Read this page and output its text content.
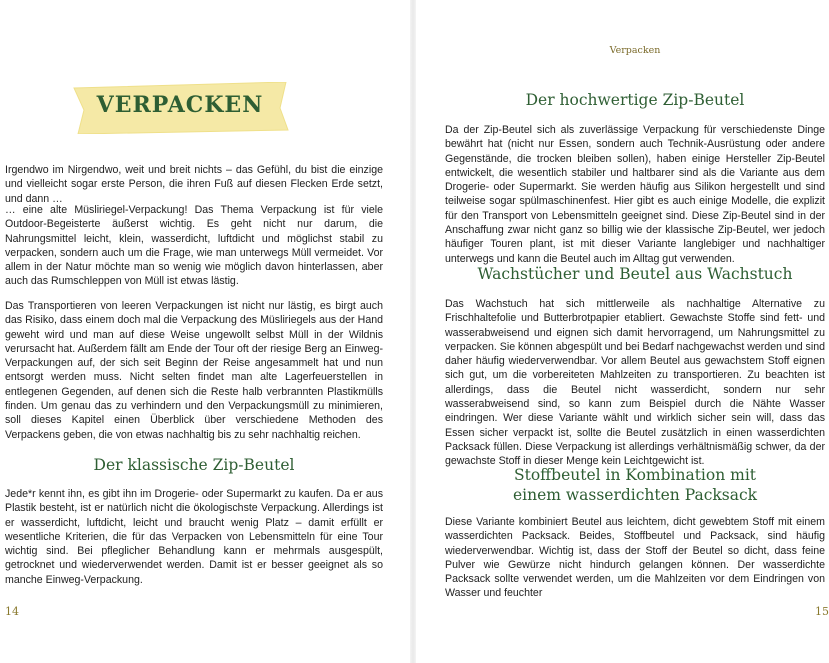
VERPACKEN

Irgendwo im Nirgendwo, weit und breit nichts – das Gefühl, du bist die einzige und vielleicht sogar erste Person, die ihren Fuß auf diesen Flecken Erde setzt, und dann …

… eine alte Müsliriegel-Verpackung! Das Thema Verpackung ist für viele Outdoor-Begeisterte äußerst wichtig. Es geht nicht nur darum, die Nahrungsmittel leicht, klein, wasserdicht, luftdicht und möglichst stabil zu verpacken, sondern auch um die Frage, wie man unterwegs Müll vermeidet. Vor allem in der Natur möchte man so wenig wie möglich davon hinterlassen, aber auch das Rumschleppen von Müll ist etwas lästig.

Das Transportieren von leeren Verpackungen ist nicht nur lästig, es birgt auch das Risiko, dass einem doch mal die Verpackung des Müsliriegels aus der Hand geweht wird und man auf diese Weise ungewollt selbst Müll in der Wildnis verursacht hat. Außerdem fällt am Ende der Tour oft der riesige Berg an Einweg-Verpackungen auf, der sich seit Beginn der Reise angesammelt hat und nun entsorgt werden muss. Nicht selten findet man alte Lagerfeuerstellen in entlegenen Gegenden, auf denen sich die Reste halb verbrannten Plastikmülls finden. Um genau das zu verhindern und den Verpackungsmüll zu minimieren, soll dieses Kapitel einen Überblick über verschiedene Methoden des Verpackens geben, die von etwas nachhaltig bis zu sehr nachhaltig reichen.

Der klassische Zip-Beutel

Jede*r kennt ihn, es gibt ihn im Drogerie- oder Supermarkt zu kaufen. Da er aus Plastik besteht, ist er natürlich nicht die ökologischste Verpackung. Allerdings ist er wasserdicht, luftdicht, leicht und braucht wenig Platz – damit erfüllt er wesentliche Kriterien, die für das Verpacken von Lebensmitteln für eine Tour wichtig sind. Bei pfleglicher Behandlung kann er mehrmals ausgespült, getrocknet und wiederverwendet werden. Damit ist er besser geeignet als so manche Einweg-Verpackung.

14
Verpacken
Der hochwertige Zip-Beutel

Da der Zip-Beutel sich als zuverlässige Verpackung für verschiedenste Dinge bewährt hat (nicht nur Essen, sondern auch Technik-Ausrüstung oder andere Gegenstände, die trocken bleiben sollen), haben einige Hersteller Zip-Beutel entwickelt, die wesentlich stabiler und haltbarer sind als die Variante aus dem Drogerie- oder Supermarkt. Sie werden häufig aus Silikon hergestellt und sind teilweise sogar spülmaschinenfest. Hier gibt es auch einige Modelle, die explizit für den Transport von Lebensmitteln geeignet sind. Diese Zip-Beutel sind in der Anschaffung zwar nicht ganz so billig wie der klassische Zip-Beutel, wer jedoch häufiger Touren plant, ist mit dieser Variante langlebiger und nachhaltiger unterwegs und kann die Beutel auch im Alltag gut verwenden.

Wachstücher und Beutel aus Wachstuch

Das Wachstuch hat sich mittlerweile als nachhaltige Alternative zu Frischhaltefolie und Butterbrotpapier etabliert. Gewachste Stoffe sind fett- und wasserabweisend und eignen sich damit hervorragend, um Nahrungsmittel zu verpacken. Sie können abgespült und bei Bedarf nachgewachst werden und sind daher häufig wiederverwendbar. Vor allem Beutel aus gewachstem Stoff eignen sich gut, um die vorbereiteten Mahlzeiten zu transportieren. Zu beachten ist allerdings, dass die Beutel nicht wasserdicht, sondern nur sehr wasserabweisend sind, so kann zum Beispiel durch die Nähte Wasser eindringen. Wer diese Variante wählt und wirklich sicher sein will, dass das Essen sicher verpackt ist, sollte die Beutel zusätzlich in einen wasserdichten Packsack füllen. Diese Verpackung ist allerdings verhältnismäßig schwer, da der gewachste Stoff in dieser Menge kein Leichtgewicht ist.

Stoffbeutel in Kombination mit einem wasserdichten Packsack

Diese Variante kombiniert Beutel aus leichtem, dicht gewebtem Stoff mit einem wasserdichten Packsack. Beides, Stoffbeutel und Packsack, sind häufig wiederverwendbar. Wichtig ist, dass der Stoff der Beutel so dicht, dass feine Pulver wie Gewürze nicht hindurch gelangen können. Der wasserdichte Packsack sollte verwendet werden, um die Mahlzeiten vor dem Eindringen von Wasser und feuchter

15
